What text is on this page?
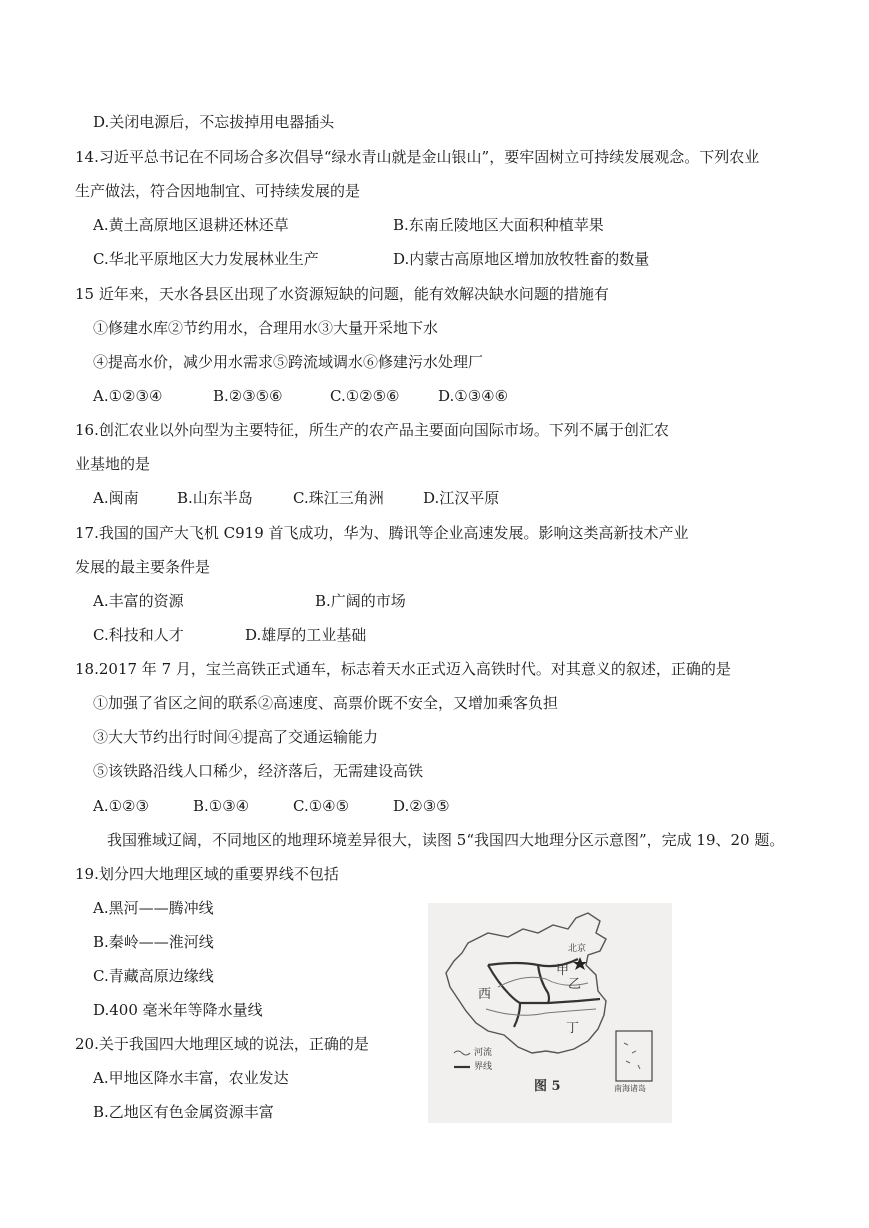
D.关闭电源后，不忘拔掉用电器插头
14.习近平总书记在不同场合多次倡导“绿水青山就是金山银山”，要牢固树立可持续发展观念。下列农业
生产做法，符合因地制宜、可持续发展的是
A.黄土高原地区退耕还林还草	B.东南丘陵地区大面积种植苹果
C.华北平原地区大力发展林业生产	D.内蒙古高原地区增加放牧牲畜的数量
15 近年来，天水各县区出现了水资源短缺的问题，能有效解决缺水问题的措施有
①修建水库②节约用水，合理用水③大量开采地下水
④提高水价，减少用水需求⑤跨流域调水⑥修建污水处理厂
A.①②③④	B.②③⑤⑥	C.①②⑤⑥	D.①③④⑥
16.创汇农业以外向型为主要特征，所生产的农产品主要面向国际市场。下列不属于创汇农
业基地的是
A.闽南	B.山东半岛	C.珠江三角洲	D.江汉平原
17.我国的国产大飞机 C919 首飞成功，华为、腾讯等企业高速发展。影响这类高新技术产业
发展的最主要条件是
A.丰富的资源	B.广阔的市场
C.科技和人才	D.雄厚的工业基础
18.2017 年 7 月，宝兰高铁正式通车，标志着天水正式迈入高铁时代。对其意义的叙述，正确的是
①加强了省区之间的联系②高速度、高票价既不安全，又增加乘客负担
③大大节约出行时间④提高了交通运输能力
⑤该铁路沿线人口稀少，经济落后，无需建设高铁
A.①②③	B.①③④	C.①④⑤	D.②③⑤
我国雅域辽阔，不同地区的地理环境差异很大，读图 5“我国四大地理分区示意图”，完成 19、20 题。
19.划分四大地理区域的重要界线不包括
A.黑河——腾冲线
B.秦岭——淮河线
C.青藏高原边缘线
D.400 毫米年等降水量线
20.关于我国四大地理区域的说法，正确的是
A.甲地区降水丰富，农业发达
B.乙地区有色金属资源丰富
甲
乙
西
丁
北京
河流
界线
南海诸岛
图 5
